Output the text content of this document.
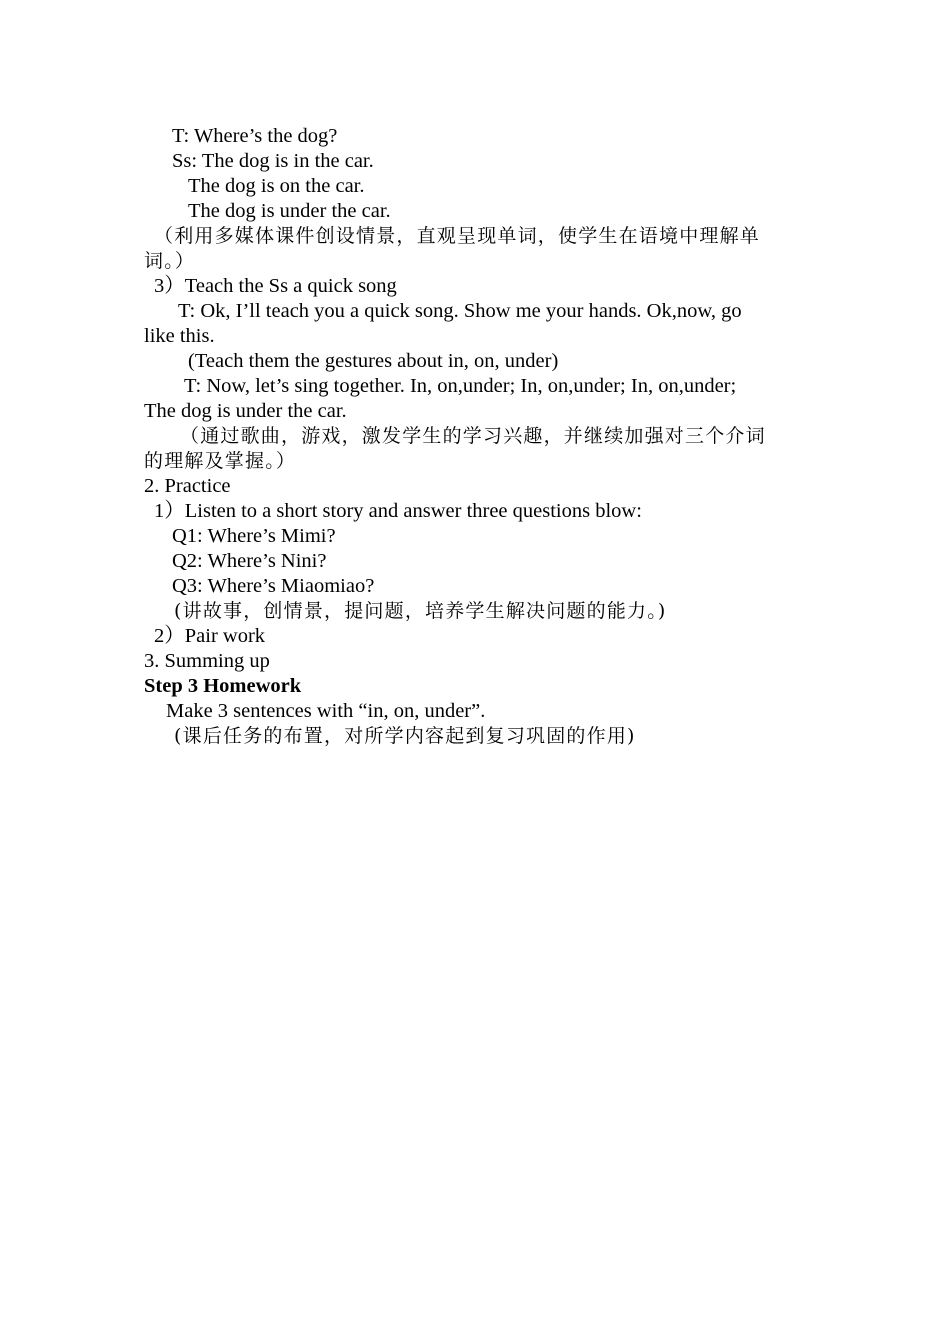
T: Where’s the dog?
Ss: The dog is in the car.
The dog is on the car.
The dog is under the car.
（利用多媒体课件创设情景，直观呈现单词，使学生在语境中理解单
词。）
3）Teach the Ss a quick song
T: Ok, I’ll teach you a quick song. Show me your hands. Ok,now, go
like this.
(Teach them the gestures about in, on, under)
T: Now, let’s sing together. In, on,under; In, on,under; In, on,under;
The dog is under the car.
（通过歌曲，游戏，激发学生的学习兴趣，并继续加强对三个介词
的理解及掌握。）
2. Practice
1）Listen to a short story and answer three questions blow:
Q1: Where’s Mimi?
Q2: Where’s Nini?
Q3: Where’s Miaomiao?
(讲故事，创情景，提问题，培养学生解决问题的能力。)
2）Pair work
3. Summing up
Step 3 Homework
Make 3 sentences with “in, on, under”.
(课后任务的布置，对所学内容起到复习巩固的作用)
